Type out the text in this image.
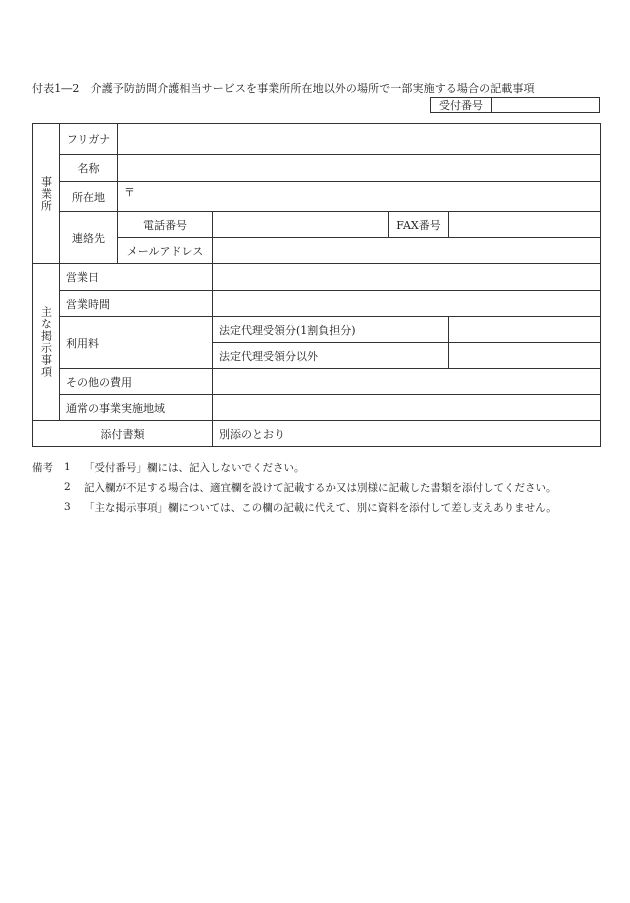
付表1―2　介護予防訪問介護相当サービスを事業所所在地以外の場所で一部実施する場合の記載事項
受付番号
事業所	フリガナ				
	名称				
	所在地	〒			
	連絡先	電話番号		FAX番号	
		メールアドレス			

主な掲示事項	営業日				
	営業時間				
	利用料		法定代理受領分(1割負担分)		
			法定代理受領分以外		
	その他の費用				
	通常の事業実施地域				

添付書類			別添のとおり		
備考	1	「受付番号」欄には、記入しないでください。
2	記入欄が不足する場合は、適宜欄を設けて記載するか又は別様に記載した書類を添付してください。
3	「主な掲示事項」欄については、この欄の記載に代えて、別に資料を添付して差し支えありません。
